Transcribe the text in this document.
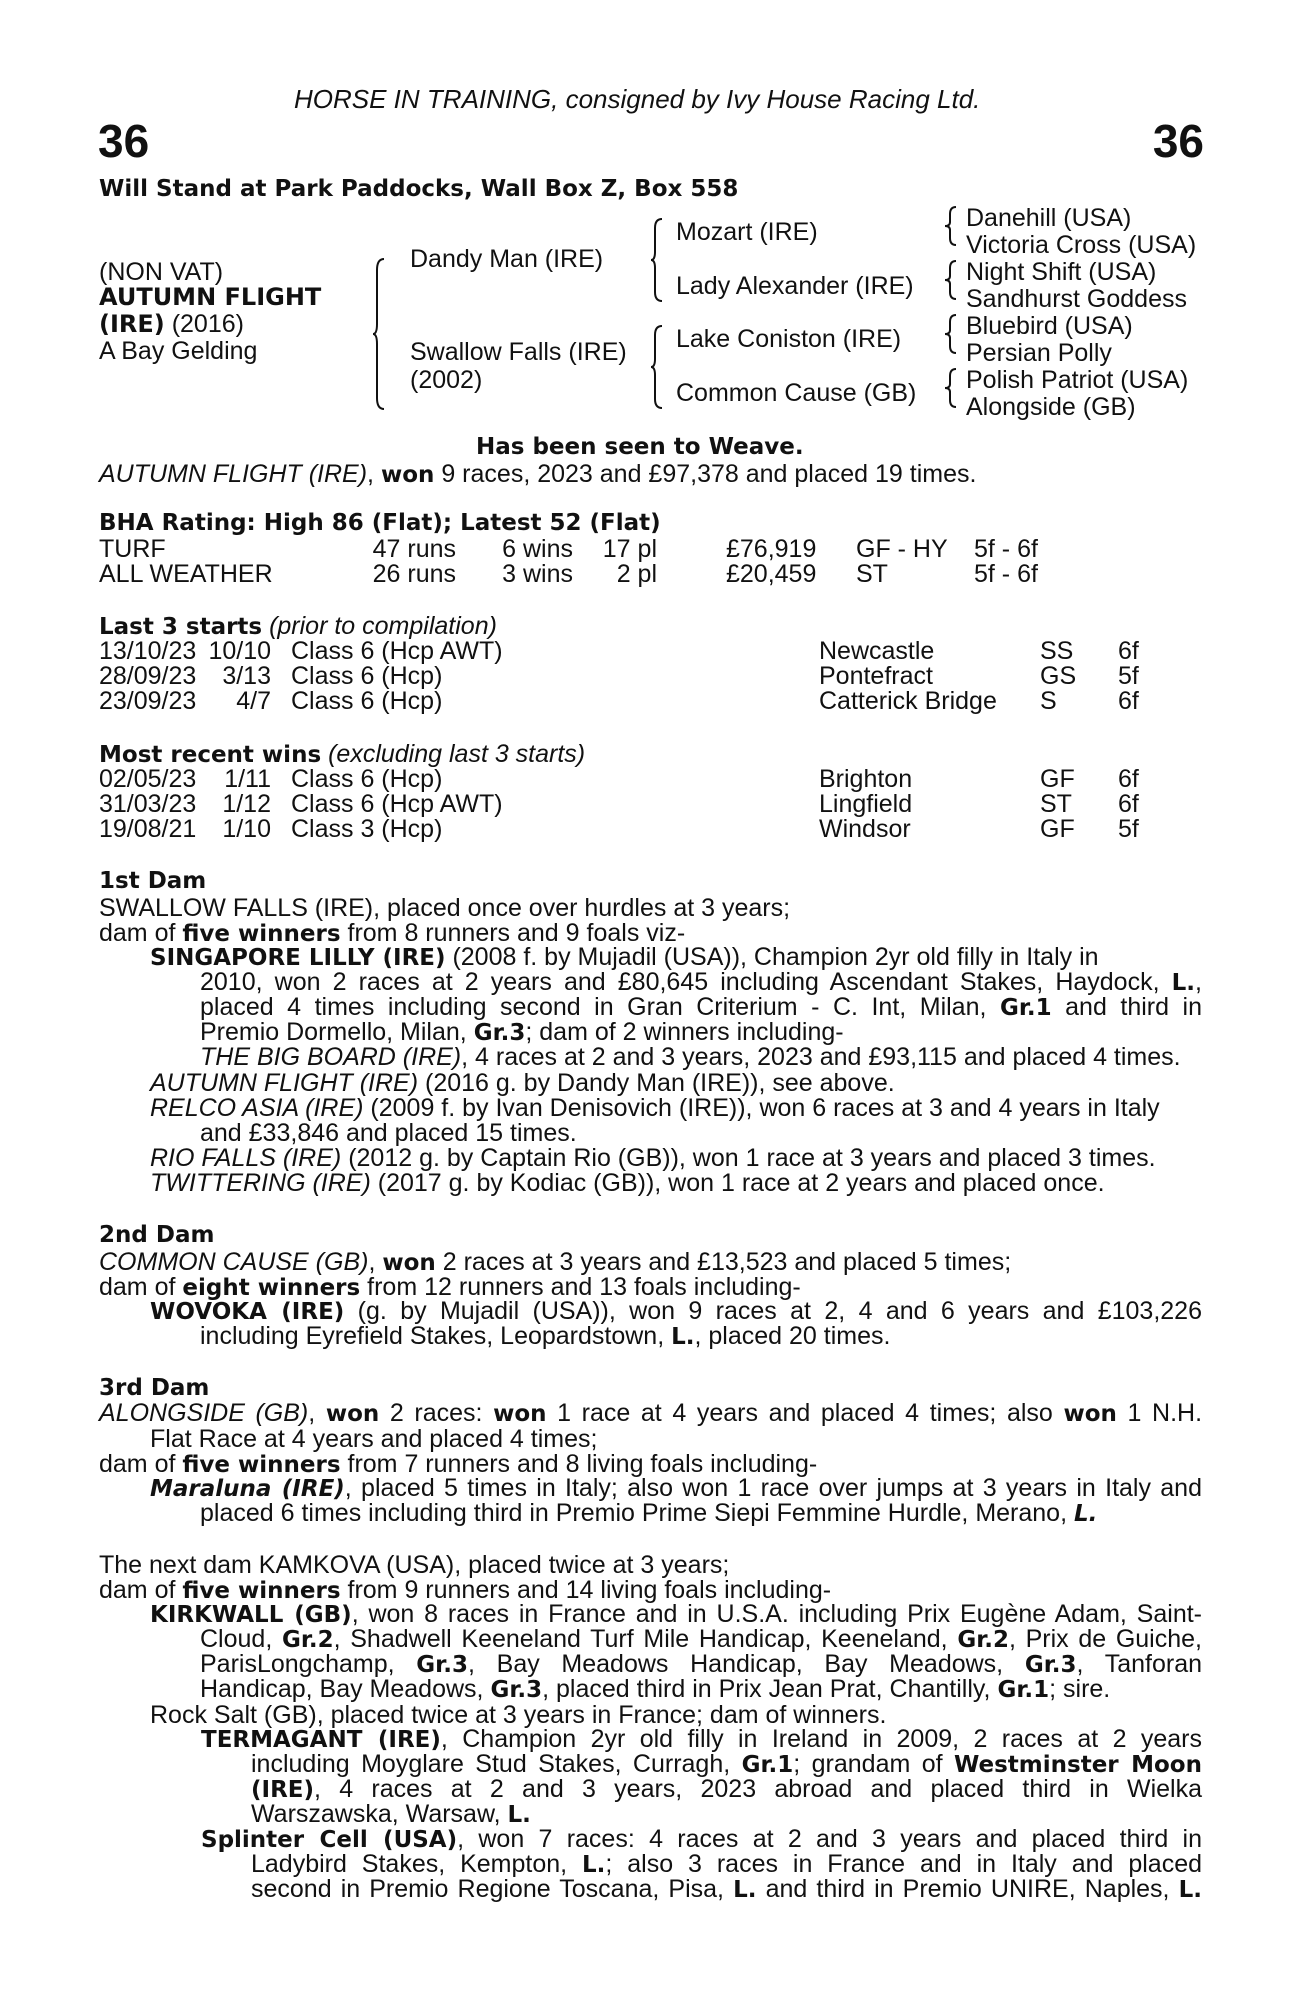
HORSE IN TRAINING, consigned by Ivy House Racing Ltd.
36	36
Will Stand at Park Paddocks, Wall Box Z, Box 558
(NON VAT)
AUTUMN FLIGHT
(IRE) (2016)
A Bay Gelding
Dandy Man (IRE)
Swallow Falls (IRE)
(2002)
Mozart (IRE)
Lady Alexander (IRE)
Lake Coniston (IRE)
Common Cause (GB)
Danehill (USA)
Victoria Cross (USA)
Night Shift (USA)
Sandhurst Goddess
Bluebird (USA)
Persian Polly
Polish Patriot (USA)
Alongside (GB)
Has been seen to Weave.
AUTUMN FLIGHT (IRE), won 9 races, 2023 and £97,378 and placed 19 times.
BHA Rating: High 86 (Flat); Latest 52 (Flat)
TURF	47 runs	6 wins	17 pl	£76,919 GF - HY 5f - 6f
ALL WEATHER	26 runs	3 wins	2 pl	£20,459 ST	5f - 6f
Last 3 starts (prior to compilation)
13/10/23 10/10 Class 6 (Hcp AWT)	Newcastle	SS 6f
28/09/23	3/13 Class 6 (Hcp)	Pontefract	GS 5f
23/09/23	4/7 Class 6 (Hcp)	Catterick Bridge S 6f
Most recent wins (excluding last 3 starts)
02/05/23	1/11 Class 6 (Hcp)	Brighton	GF 6f
31/03/23	1/12 Class 6 (Hcp AWT)	Lingfield	ST 6f
19/08/21	1/10 Class 3 (Hcp)	Windsor	GF 5f
1st Dam
SWALLOW FALLS (IRE), placed once over hurdles at 3 years;
dam of five winners from 8 runners and 9 foals viz-
SINGAPORE LILLY (IRE) (2008 f. by Mujadil (USA)), Champion 2yr old filly in Italy in
2010, won 2 races at 2 years and £80,645 including Ascendant Stakes, Haydock, L.,
placed 4 times including second in Gran Criterium - C. Int, Milan, Gr.1 and third in
Premio Dormello, Milan, Gr.3; dam of 2 winners including-
THE BIG BOARD (IRE), 4 races at 2 and 3 years, 2023 and £93,115 and placed 4 times.
AUTUMN FLIGHT (IRE) (2016 g. by Dandy Man (IRE)), see above.
RELCO ASIA (IRE) (2009 f. by Ivan Denisovich (IRE)), won 6 races at 3 and 4 years in Italy
and £33,846 and placed 15 times.
RIO FALLS (IRE) (2012 g. by Captain Rio (GB)), won 1 race at 3 years and placed 3 times.
TWITTERING (IRE) (2017 g. by Kodiac (GB)), won 1 race at 2 years and placed once.
2nd Dam
COMMON CAUSE (GB), won 2 races at 3 years and £13,523 and placed 5 times;
dam of eight winners from 12 runners and 13 foals including-
WOVOKA (IRE) (g. by Mujadil (USA)), won 9 races at 2, 4 and 6 years and £103,226
including Eyrefield Stakes, Leopardstown, L., placed 20 times.
3rd Dam
ALONGSIDE (GB), won 2 races: won 1 race at 4 years and placed 4 times; also won 1 N.H.
Flat Race at 4 years and placed 4 times;
dam of five winners from 7 runners and 8 living foals including-
Maraluna (IRE), placed 5 times in Italy; also won 1 race over jumps at 3 years in Italy and
placed 6 times including third in Premio Prime Siepi Femmine Hurdle, Merano, L.
The next dam KAMKOVA (USA), placed twice at 3 years;
dam of five winners from 9 runners and 14 living foals including-
KIRKWALL (GB), won 8 races in France and in U.S.A. including Prix Eugène Adam, Saint-
Cloud, Gr.2, Shadwell Keeneland Turf Mile Handicap, Keeneland, Gr.2, Prix de Guiche,
ParisLongchamp, Gr.3, Bay Meadows Handicap, Bay Meadows, Gr.3, Tanforan
Handicap, Bay Meadows, Gr.3, placed third in Prix Jean Prat, Chantilly, Gr.1; sire.
Rock Salt (GB), placed twice at 3 years in France; dam of winners.
TERMAGANT (IRE), Champion 2yr old filly in Ireland in 2009, 2 races at 2 years
including Moyglare Stud Stakes, Curragh, Gr.1; grandam of Westminster Moon
(IRE), 4 races at 2 and 3 years, 2023 abroad and placed third in Wielka
Warszawska, Warsaw, L.
Splinter Cell (USA), won 7 races: 4 races at 2 and 3 years and placed third in
Ladybird Stakes, Kempton, L.; also 3 races in France and in Italy and placed
second in Premio Regione Toscana, Pisa, L. and third in Premio UNIRE, Naples, L.
